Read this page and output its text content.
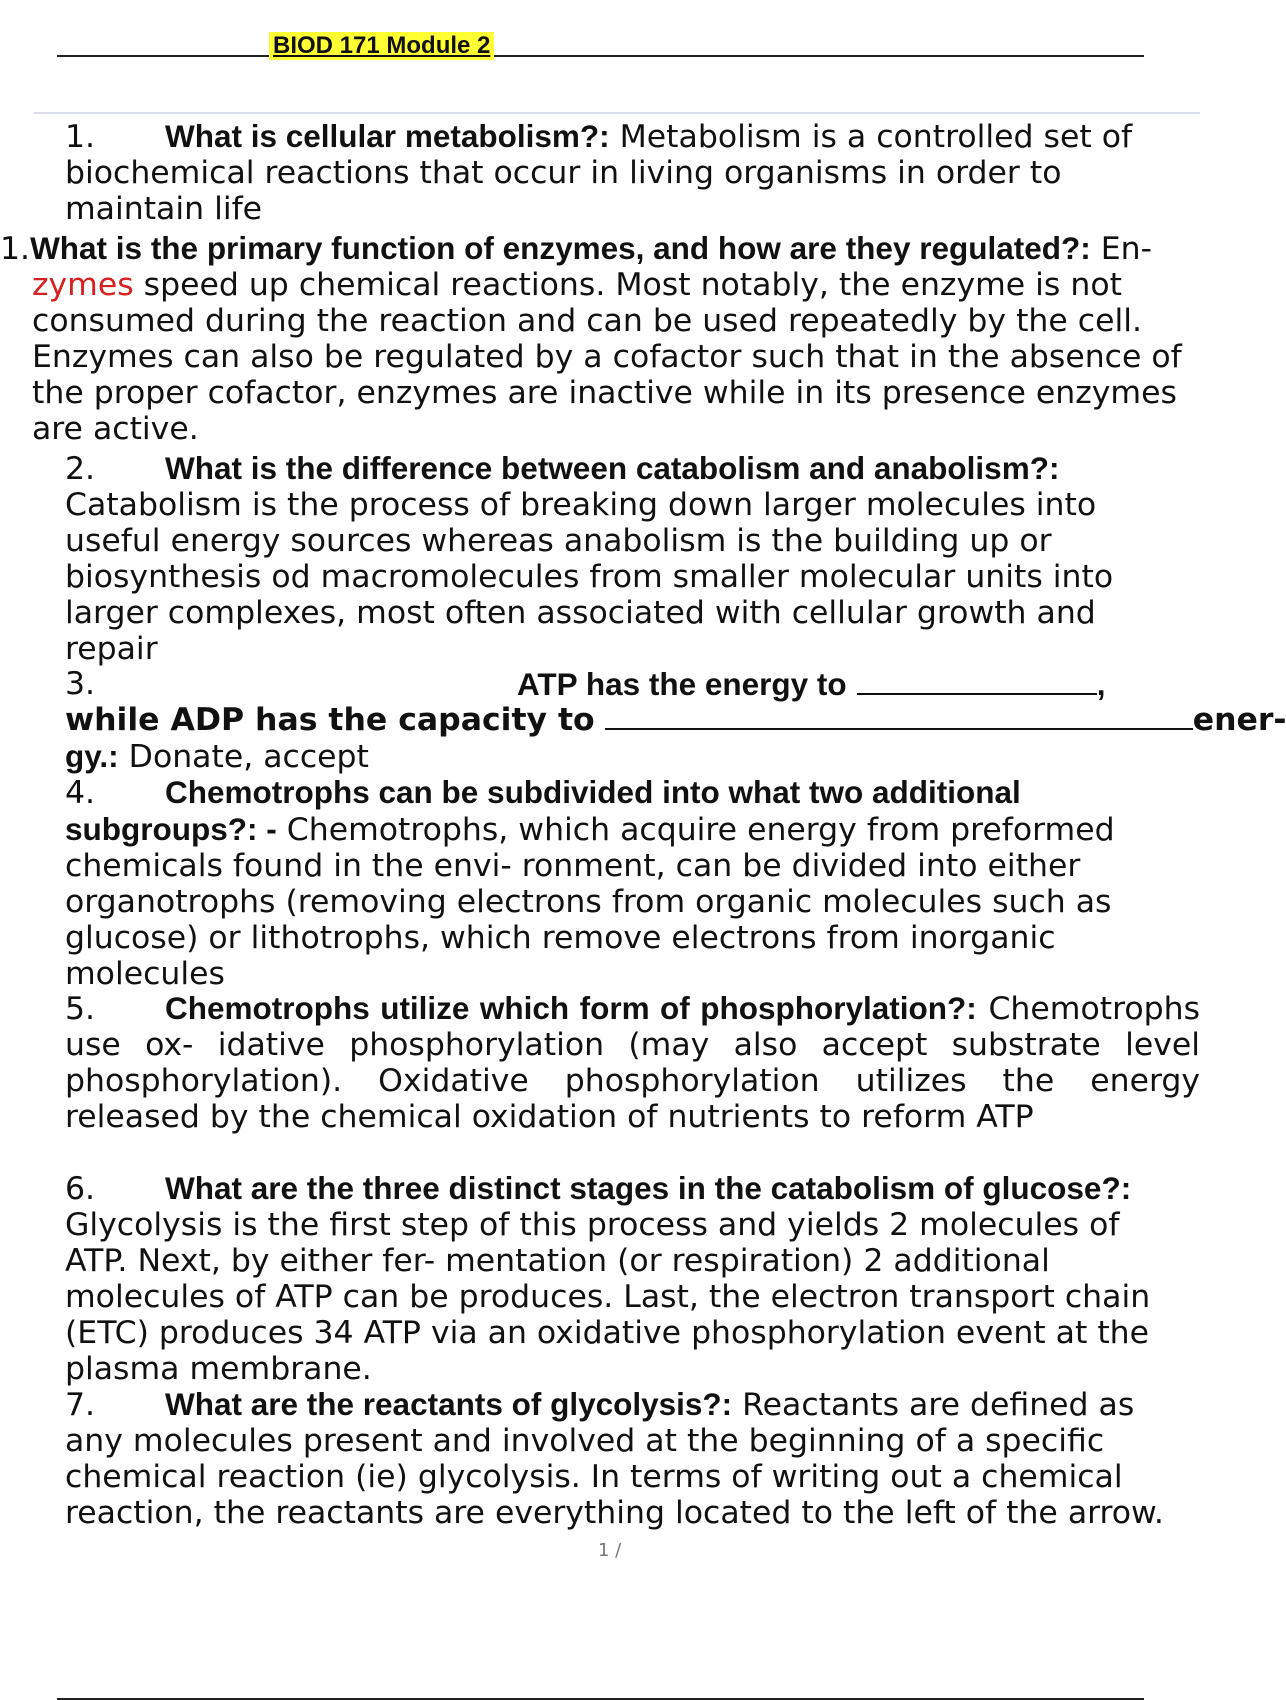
BIOD 171 Module 2
1. What is cellular metabolism?: Metabolism is a controlled set of biochemical reactions that occur in living organisms in order to maintain life
1.What is the primary function of enzymes, and how are they regulated?: En- zymes speed up chemical reactions. Most notably, the enzyme is not consumed during the reaction and can be used repeatedly by the cell. Enzymes can also be regulated by a cofactor such that in the absence of the proper cofactor, enzymes are inactive while in its presence enzymes are active.
2. What is the difference between catabolism and anabolism?:
Catabolism is the process of breaking down larger molecules into useful energy sources whereas anabolism is the building up or biosynthesis od macromolecules from smaller molecular units into larger complexes, most often associated with cellular growth and repair
3.	ATP has the energy to	,
while ADP has the capacity to	ener-
gy.: Donate, accept
4. Chemotrophs can be subdivided into what two additional subgroups?: - Chemotrophs, which acquire energy from preformed chemicals found in the envi- ronment, can be divided into either organotrophs (removing electrons from organic molecules such as glucose) or lithotrophs, which remove electrons from inorganic molecules
5. Chemotrophs utilize which form of phosphorylation?: Chemotrophs use ox- idative phosphorylation (may also accept substrate level phosphorylation). Oxidative phosphorylation utilizes the energy released by the chemical oxidation of nutrients to reform ATP
6. What are the three distinct stages in the catabolism of glucose?:
Glycolysis is the first step of this process and yields 2 molecules of ATP. Next, by either fer- mentation (or respiration) 2 additional molecules of ATP can be produces. Last, the electron transport chain (ETC) produces 34 ATP via an oxidative phosphorylation event at the plasma membrane.
7. What are the reactants of glycolysis?: Reactants are defined as any molecules present and involved at the beginning of a specific chemical reaction (ie) glycolysis. In terms of writing out a chemical reaction, the reactants are everything located to the left of the arrow.
1 /
